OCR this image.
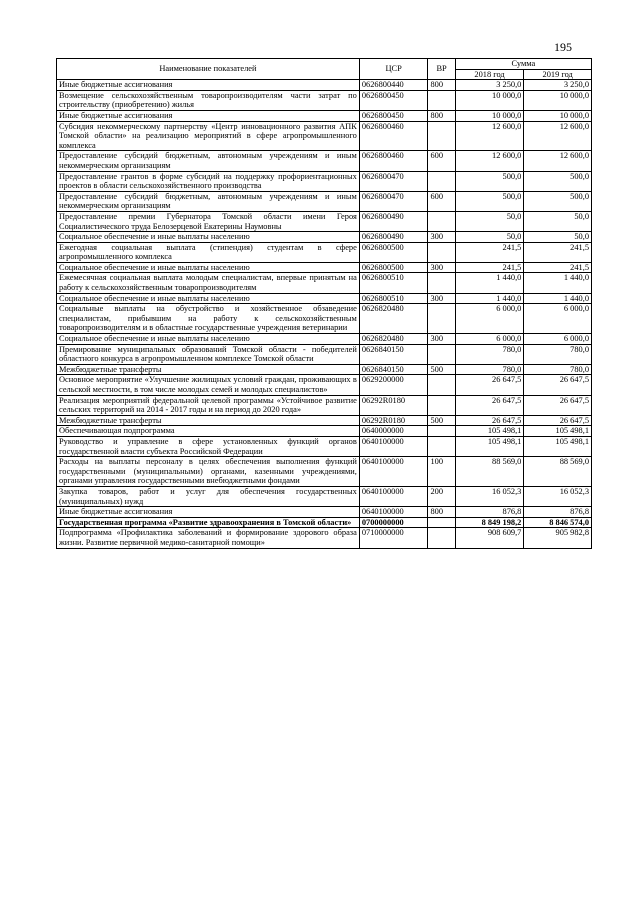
195
Наименование показателей	ЦСР	ВР	Сумма	
			2018 год	2019 год
Иные бюджетные ассигнования	0626800440	800	3 250,0	3 250,0
Возмещение сельскохозяйственным товаропроизводителям части затрат по строительству (приобретению) жилья	0626800450		10 000,0	10 000,0
Иные бюджетные ассигнования	0626800450	800	10 000,0	10 000,0
Субсидия некоммерческому партнерству «Центр инновационного развития АПК Томской области» на реализацию мероприятий в сфере агропромышленного комплекса	0626800460		12 600,0	12 600,0
Предоставление субсидий бюджетным, автономным учреждениям и иным некоммерческим организациям	0626800460	600	12 600,0	12 600,0
Предоставление грантов в форме субсидий на поддержку профориентационных проектов в области сельскохозяйственного производства	0626800470		500,0	500,0
Предоставление субсидий бюджетным, автономным учреждениям и иным некоммерческим организациям	0626800470	600	500,0	500,0
Предоставление премии Губернатора Томской области имени Героя Социалистического труда Белозерцевой Екатерины Наумовны	0626800490		50,0	50,0
Социальное обеспечение и иные выплаты населению	0626800490	300	50,0	50,0
Ежегодная социальная выплата (стипендия) студентам в сфере агропромышленного комплекса	0626800500		241,5	241,5
Социальное обеспечение и иные выплаты населению	0626800500	300	241,5	241,5
Ежемесячная социальная выплата молодым специалистам, впервые принятым на работу к сельскохозяйственным товаропроизводителям	0626800510		1 440,0	1 440,0
Социальное обеспечение и иные выплаты населению	0626800510	300	1 440,0	1 440,0
Социальные выплаты на обустройство и хозяйственное обзаведение специалистам, прибывшим на работу к сельскохозяйственным товаропроизводителям и в областные государственные учреждения ветеринарии	0626820480		6 000,0	6 000,0
Социальное обеспечение и иные выплаты населению	0626820480	300	6 000,0	6 000,0
Премирование муниципальных образований Томской области - победителей областного конкурса в агропромышленном комплексе Томской области	0626840150		780,0	780,0
Межбюджетные трансферты	0626840150	500	780,0	780,0
Основное мероприятие «Улучшение жилищных условий граждан, проживающих в сельской местности, в том числе молодых семей и молодых специалистов»	0629200000		26 647,5	26 647,5
Реализация мероприятий федеральной целевой программы «Устойчивое развитие сельских территорий на 2014 - 2017 годы и на период до 2020 года»	06292R0180		26 647,5	26 647,5
Межбюджетные трансферты	06292R0180	500	26 647,5	26 647,5
Обеспечивающая подпрограмма	0640000000		105 498,1	105 498,1
Руководство и управление в сфере установленных функций органов государственной власти субъекта Российской Федерации	0640100000		105 498,1	105 498,1
Расходы на выплаты персоналу в целях обеспечения выполнения функций государственными (муниципальными) органами, казенными учреждениями, органами управления государственными внебюджетными фондами	0640100000	100	88 569,0	88 569,0
Закупка товаров, работ и услуг для обеспечения государственных (муниципальных) нужд	0640100000	200	16 052,3	16 052,3
Иные бюджетные ассигнования	0640100000	800	876,8	876,8
Государственная программа «Развитие здравоохранения в Томской области»	0700000000		8 849 198,2	8 846 574,0
Подпрограмма «Профилактика заболеваний и формирование здорового образа жизни. Развитие первичной медико-санитарной помощи»	0710000000		908 609,7	905 982,8
